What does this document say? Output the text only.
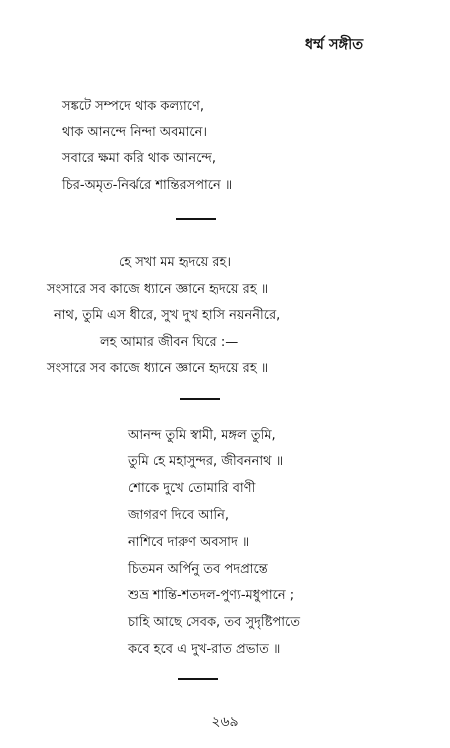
ধর্ম্ম সঙ্গীত
সঙ্কটে সম্পদে থাক কল্যাণে,
থাক আনন্দে নিন্দা অবমানে।
সবারে ক্ষমা করি থাক আনন্দে,
চির-অমৃত-নির্ঝরে শান্তিরসপানে ॥
হে সখা মম হৃদয়ে রহ।
সংসারে সব কাজে ধ্যানে জ্ঞানে হৃদয়ে রহ ॥
নাথ, তুমি এস ধীরে, সুখ দুখ হাসি নয়ননীরে,
লহ আমার জীবন ঘিরে :—
সংসারে সব কাজে ধ্যানে জ্ঞানে হৃদয়ে রহ ॥
আনন্দ তুমি স্বামী, মঙ্গল তুমি,
তুমি হে মহাসুন্দর, জীবননাথ ॥
শোকে দুখে তোমারি বাণী
জাগরণ দিবে আনি,
নাশিবে দারুণ অবসাদ ॥
চিতমন অর্পিনু তব পদপ্রান্তে
শুভ্র শান্তি-শতদল-পুণ্য-মধুপানে ;
চাহি আছে সেবক, তব সুদৃষ্টিপাতে
কবে হবে এ দুখ-রাত প্রভাত ॥
২৬৯
